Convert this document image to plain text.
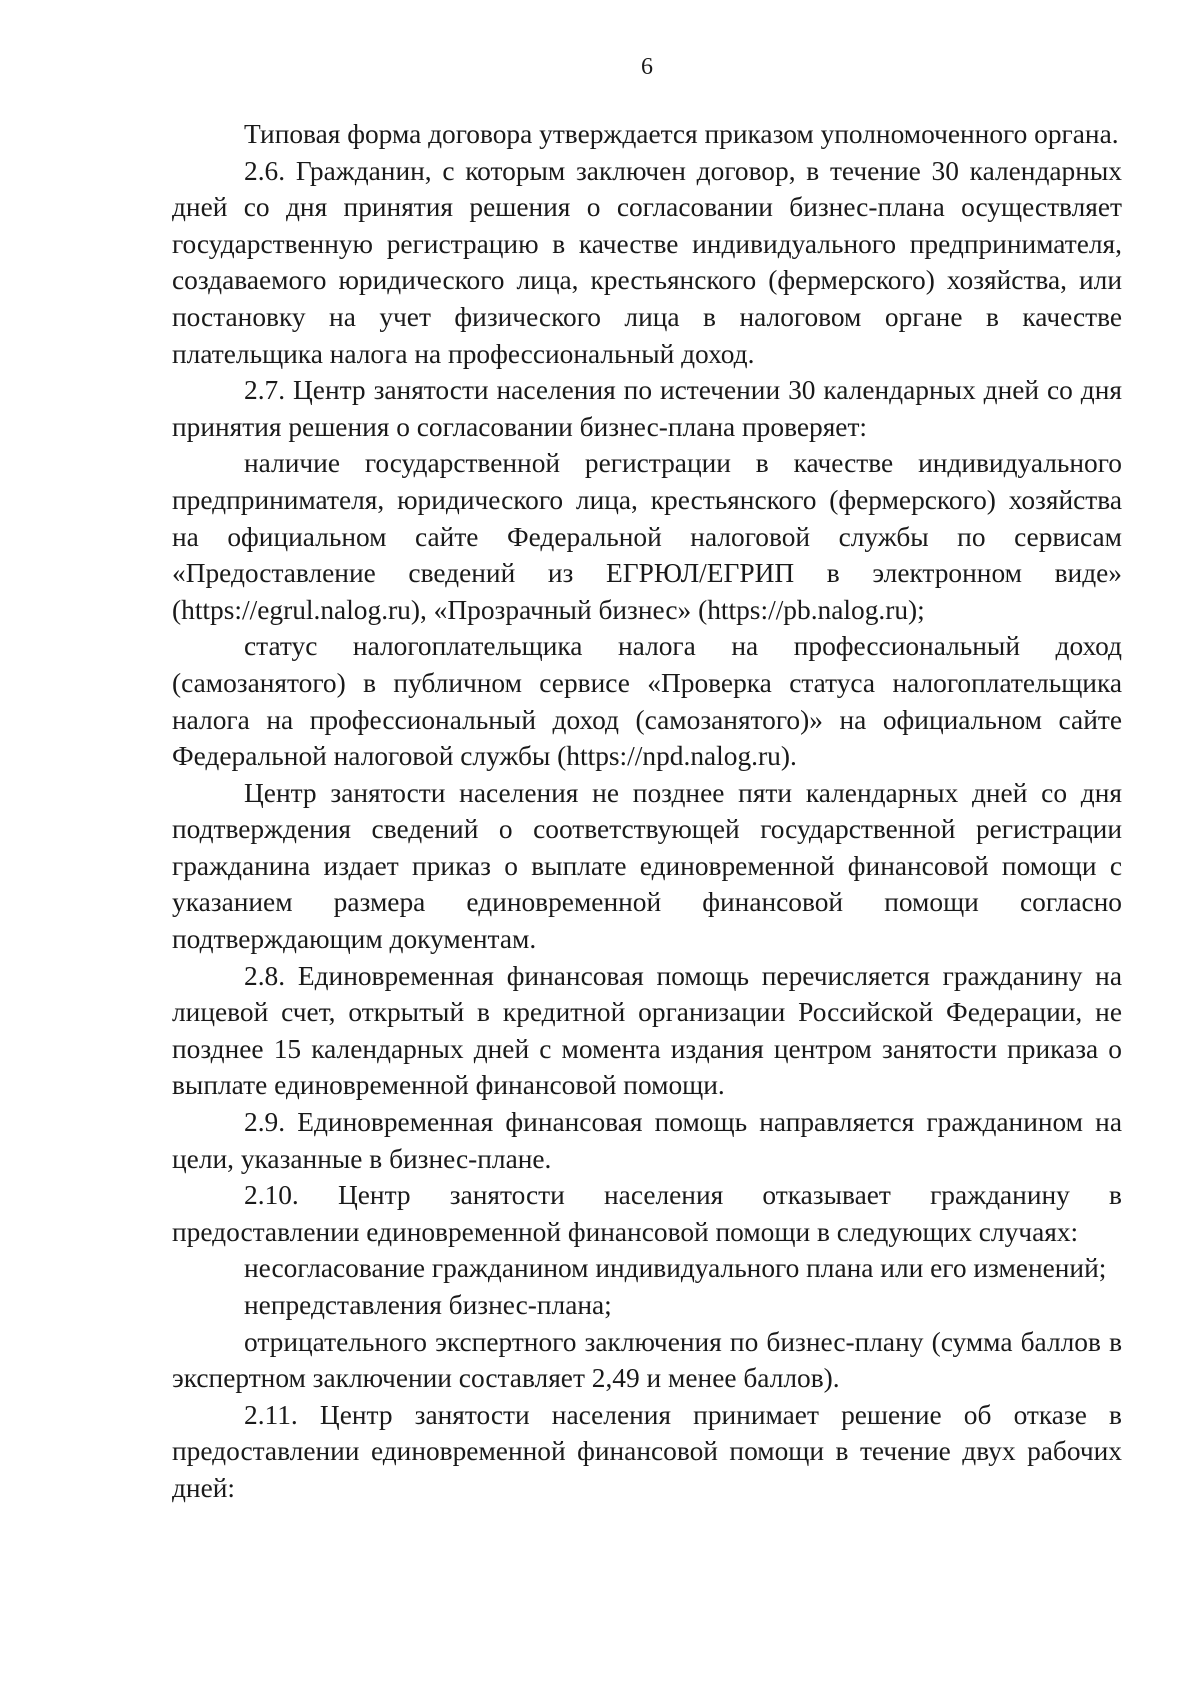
6

Типовая форма договора утверждается приказом уполномоченного органа.

2.6. Гражданин, с которым заключен договор, в течение 30 календарных дней со дня принятия решения о согласовании бизнес-плана осуществляет государственную регистрацию в качестве индивидуального предпринимателя, создаваемого юридического лица, крестьянского (фермерского) хозяйства, или постановку на учет физического лица в налоговом органе в качестве плательщика налога на профессиональный доход.

2.7. Центр занятости населения по истечении 30 календарных дней со дня принятия решения о согласовании бизнес-плана проверяет:

наличие государственной регистрации в качестве индивидуального предпринимателя, юридического лица, крестьянского (фермерского) хозяйства на официальном сайте Федеральной налоговой службы по сервисам «Предоставление сведений из ЕГРЮЛ/ЕГРИП в электронном виде» (https://egrul.nalog.ru), «Прозрачный бизнес» (https://pb.nalog.ru);

статус налогоплательщика налога на профессиональный доход (самозанятого) в публичном сервисе «Проверка статуса налогоплательщика налога на профессиональный доход (самозанятого)» на официальном сайте Федеральной налоговой службы (https://npd.nalog.ru).

Центр занятости населения не позднее пяти календарных дней со дня подтверждения сведений о соответствующей государственной регистрации гражданина издает приказ о выплате единовременной финансовой помощи с указанием размера единовременной финансовой помощи согласно подтверждающим документам.

2.8. Единовременная финансовая помощь перечисляется гражданину на лицевой счет, открытый в кредитной организации Российской Федерации, не позднее 15 календарных дней с момента издания центром занятости приказа о выплате единовременной финансовой помощи.

2.9. Единовременная финансовая помощь направляется гражданином на цели, указанные в бизнес-плане.

2.10. Центр занятости населения отказывает гражданину в предоставлении единовременной финансовой помощи в следующих случаях:

несогласование гражданином индивидуального плана или его изменений;

непредставления бизнес-плана;

отрицательного экспертного заключения по бизнес-плану (сумма баллов в экспертном заключении составляет 2,49 и менее баллов).

2.11. Центр занятости населения принимает решение об отказе в предоставлении единовременной финансовой помощи в течение двух рабочих дней:
